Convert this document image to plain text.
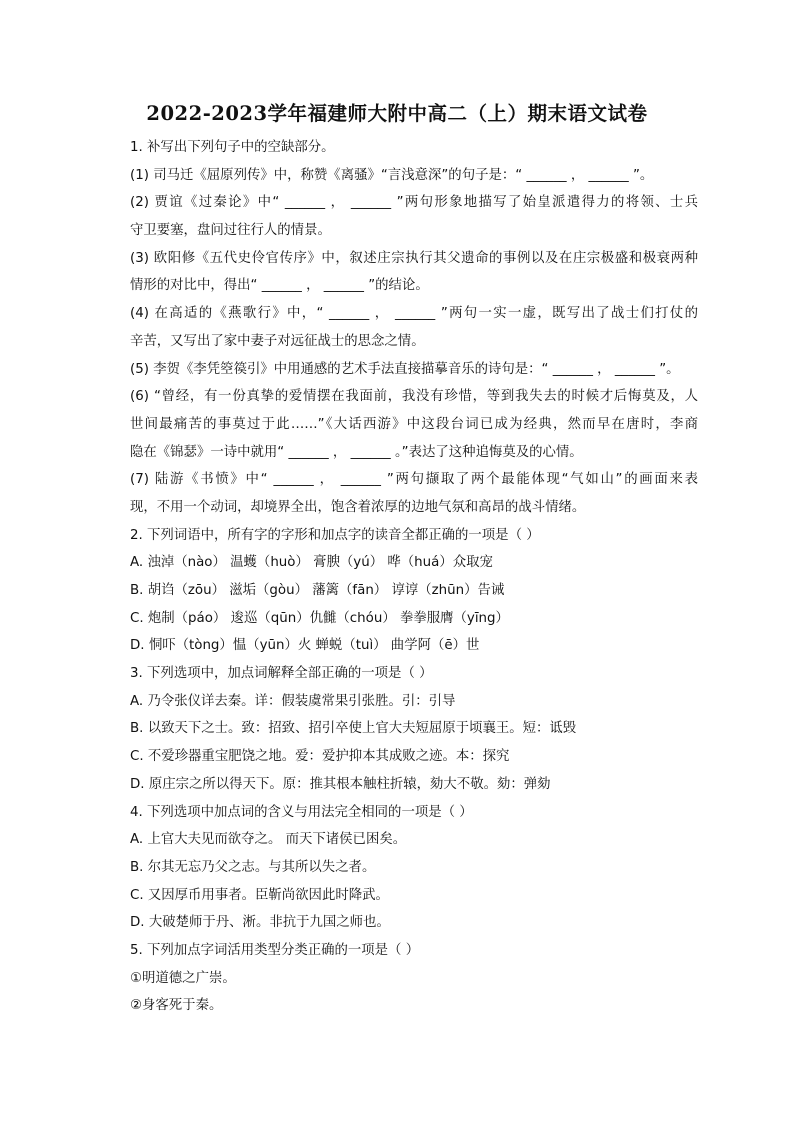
2022-2023学年福建师大附中高二（上）期末语文试卷
1. 补写出下列句子中的空缺部分。
(1) 司马迁《屈原列传》中，称赞《离骚》“言浅意深”的句子是：“ ______ ， ______ ”。
(2) 贾谊《过秦论》中“ ______ ， ______ ”两句形象地描写了始皇派遣得力的将领、士兵
守卫要塞，盘问过往行人的情景。
(3) 欧阳修《五代史伶官传序》中，叙述庄宗执行其父遗命的事例以及在庄宗极盛和极衰两种
情形的对比中，得出“ ______ ， ______ ”的结论。
(4) 在高适的《燕歌行》中，“ ______ ， ______ ”两句一实一虚，既写出了战士们打仗的
辛苦，又写出了家中妻子对远征战士的思念之情。
(5) 李贺《李凭箜篌引》中用通感的艺术手法直接描摹音乐的诗句是：“ ______ ， ______ ”。
(6) “曾经，有一份真挚的爱情摆在我面前，我没有珍惜，等到我失去的时候才后悔莫及，人
世间最痛苦的事莫过于此……”《大话西游》中这段台词已成为经典，然而早在唐时，李商
隐在《锦瑟》一诗中就用“ ______ ， ______ 。”表达了这种追悔莫及的心情。
(7) 陆游《书愤》中“ ______ ， ______ ”两句撷取了两个最能体现“气如山”的画面来表
现，不用一个动词，却境界全出，饱含着浓厚的边地气氛和高昂的战斗情绪。
2. 下列词语中，所有字的字形和加点字的读音全都正确的一项是（ ）
A. 浊淖（nào） 温蠖（huò） 膏腴（yú） 哗（huá）众取宠
B. 胡诌（zōu） 滋垢（gòu） 藩篱（fān） 谆谆（zhūn）告诫
C. 炮制（páo） 逡巡（qūn）仇雠（chóu） 拳拳服膺（yīng）
D. 恫吓（tòng）愠（yūn）火 蝉蜕（tuì） 曲学阿（ē）世
3. 下列选项中，加点词解释全部正确的一项是（ ）
A. 乃令张仪详去秦。详：假装虞常果引张胜。引：引导
B. 以致天下之士。致：招致、招引卒使上官大夫短屈原于顷襄王。短：诋毁
C. 不爱珍器重宝肥饶之地。爱：爱护抑本其成败之迹。本：探究
D. 原庄宗之所以得天下。原：推其根本触柱折辕，劾大不敬。劾：弹劾
4. 下列选项中加点词的含义与用法完全相同的一项是（ ）
A. 上官大夫见而欲夺之。 而天下诸侯已困矣。
B. 尔其无忘乃父之志。与其所以失之者。
C. 又因厚币用事者。臣靳尚欲因此时降武。
D. 大破楚师于丹、淅。非抗于九国之师也。
5. 下列加点字词活用类型分类正确的一项是（ ）
①明道德之广崇。
②身客死于秦。
